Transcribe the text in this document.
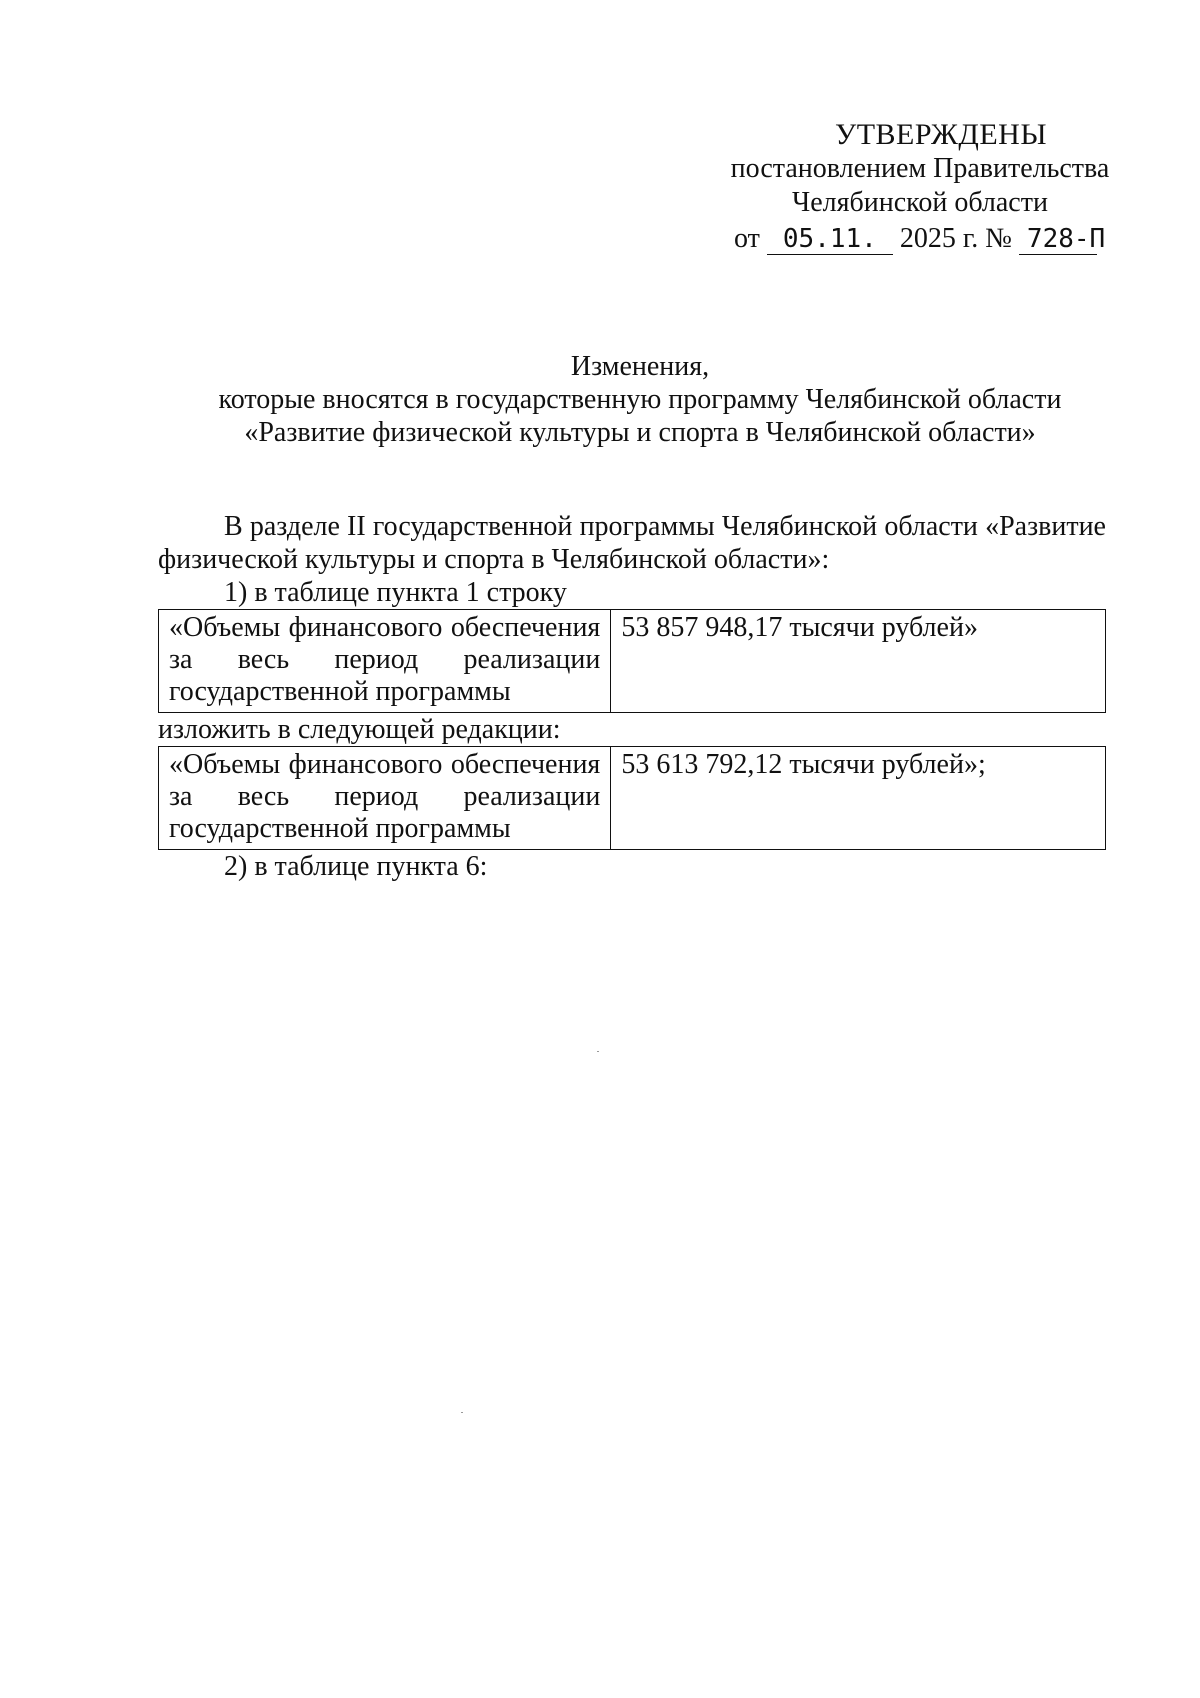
УТВЕРЖДЕНЫ
постановлением Правительства
Челябинской области
от 05.11. 2025 г. № 728-П
Изменения,
которые вносятся в государственную программу Челябинской области
«Развитие физической культуры и спорта в Челябинской области»
В разделе II государственной программы Челябинской области «Развитие физической культуры и спорта в Челябинской области»:
1) в таблице пункта 1 строку
«Объемы финансового обеспечения
за весь период реализации
государственной программы
	53 857 948,17 тысячи рублей»
изложить в следующей редакции:
«Объемы финансового обеспечения
за весь период реализации
государственной программы
	53 613 792,12 тысячи рублей»;
2) в таблице пункта 6:
